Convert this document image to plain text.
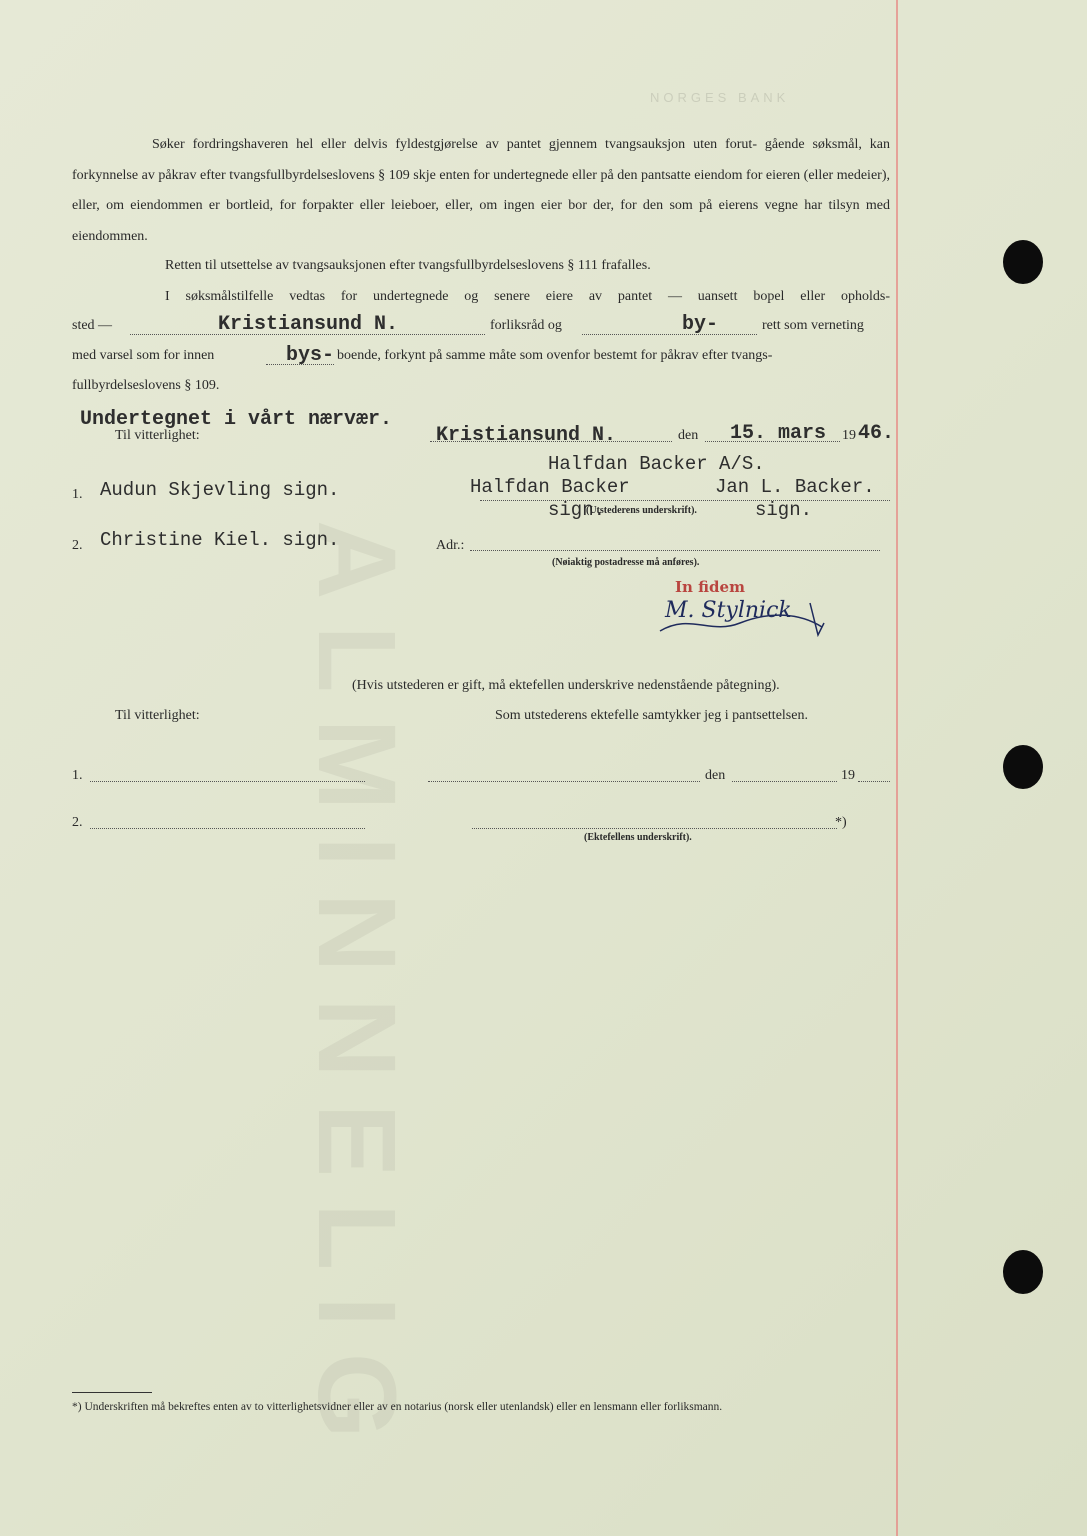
NORGES BANK
ALMINNELIG
Søker fordringshaveren hel eller delvis fyldestgjørelse av pantet gjennem tvangsauksjon uten forut- gående søksmål, kan forkynnelse av påkrav efter tvangsfullbyrdelseslovens § 109 skje enten for undertegnede eller på den pantsatte eiendom for eieren (eller medeier), eller, om eiendommen er bortleid, for forpakter eller leieboer, eller, om ingen eier bor der, for den som på eierens vegne har tilsyn med eiendommen.
Retten til utsettelse av tvangsauksjonen efter tvangsfullbyrdelseslovens § 111 frafalles.
I søksmålstilfelle vedtas for undertegnede og senere eiere av pantet — uansett bopel eller opholds-
sted —	Kristiansund N.	forliksråd og	by-	rett som verneting
med varsel som for innen	bys- boende, forkynt på samme måte som ovenfor bestemt for påkrav efter tvangs-
fullbyrdelseslovens § 109.
Undertegnet i vårt nærvær.
Til vitterlighet:	Kristiansund N.	den 15. mars 19 46.
Halfdan Backer A/S.
Halfdan Backer	Jan L. Backer.
sign.
(Utstederens underskrift).	sign.
1. Audun Skjevling sign.
2. Christine Kiel. sign.	Adr.:
(Nøiaktig postadresse må anføres).
In fidem
M. Stylnick
(Hvis utstederen er gift, må ektefellen underskrive nedenstående påtegning).
Til vitterlighet:	Som utstederens ektefelle samtykker jeg i pantsettelsen.
1.	den	19
2.	*)
(Ektefellens underskrift).
*) Underskriften må bekreftes enten av to vitterlighetsvidner eller av en notarius (norsk eller utenlandsk) eller en lensmann eller forliksmann.
